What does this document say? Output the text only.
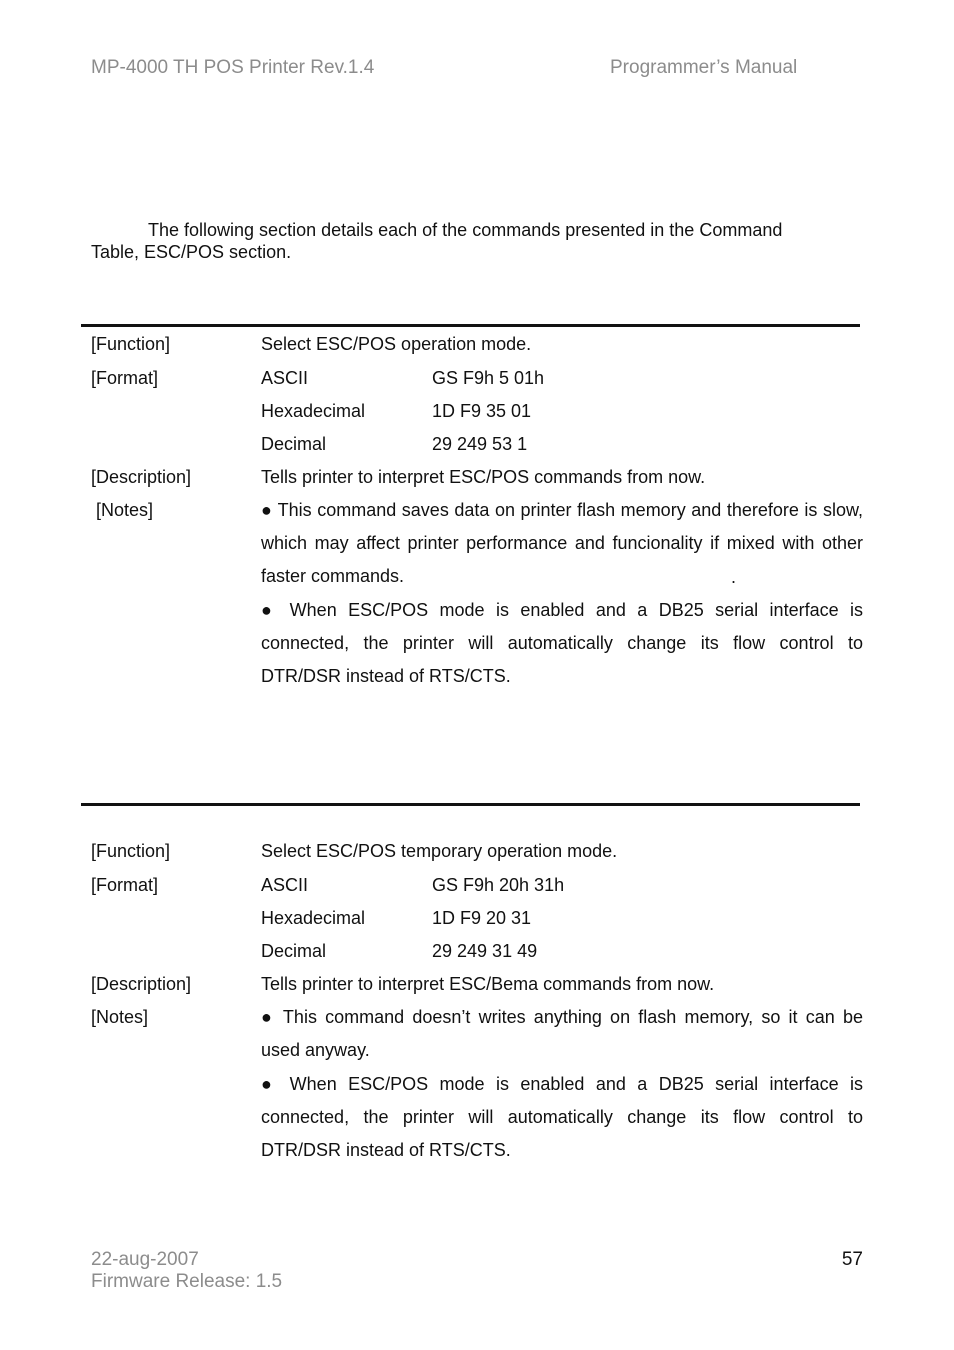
MP-4000 TH POS Printer Rev.1.4	Programmer’s Manual
The following section details each of the commands presented in the Command
Table, ESC/POS section.
[Function]	Select ESC/POS operation mode.
[Format]	ASCII	GS F9h 5 01h
Hexadecimal	1D F9 35 01
Decimal	29 249 53 1
[Description]	Tells printer to interpret ESC/POS commands from now.
[Notes]	● This command saves data on printer flash memory and therefore is slow, which may affect printer performance and funcionality if mixed with other faster commands.	.
● When ESC/POS mode is enabled and a DB25 serial interface is connected, the printer will automatically change its flow control to DTR/DSR instead of RTS/CTS.
[Function]	Select ESC/POS temporary operation mode.
[Format]	ASCII	GS F9h 20h 31h
Hexadecimal	1D F9 20 31
Decimal	29 249 31 49
[Description]	Tells printer to interpret ESC/Bema commands from now.
[Notes]	● This command doesn’t writes anything on flash memory, so it can be used anyway.
● When ESC/POS mode is enabled and a DB25 serial interface is connected, the printer will automatically change its flow control to DTR/DSR instead of RTS/CTS.
22-aug-2007
Firmware Release: 1.5
57
